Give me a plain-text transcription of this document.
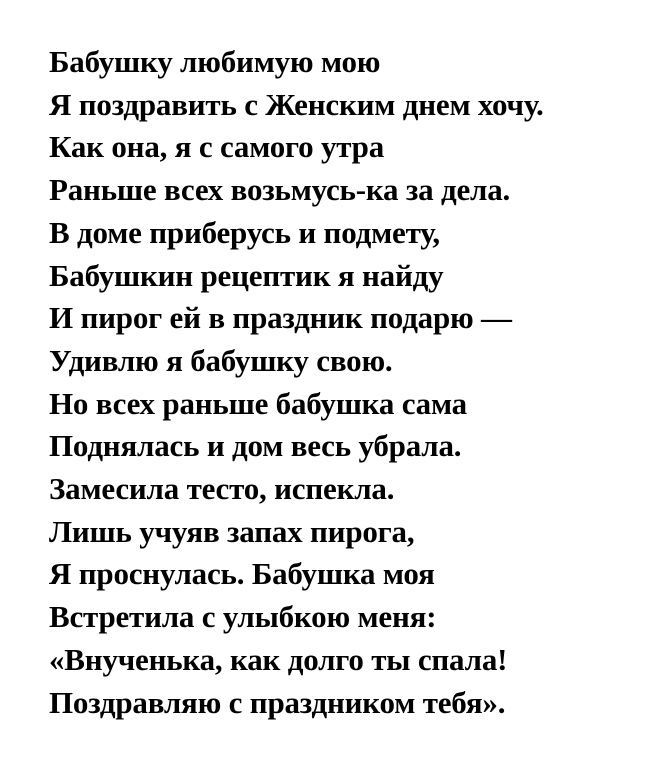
Бабушку любимую мою
Я поздравить с Женским днем хочу.
Как она, я с самого утра
Раньше всех возьмусь-ка за дела.
В доме приберусь и подмету,
Бабушкин рецептик я найду
И пирог ей в праздник подарю —
Удивлю я бабушку свою.
Но всех раньше бабушка сама
Поднялась и дом весь убрала.
Замесила тесто, испекла.
Лишь учуяв запах пирога,
Я проснулась. Бабушка моя
Встретила с улыбкою меня:
«Внученька, как долго ты спала!
Поздравляю с праздником тебя».
